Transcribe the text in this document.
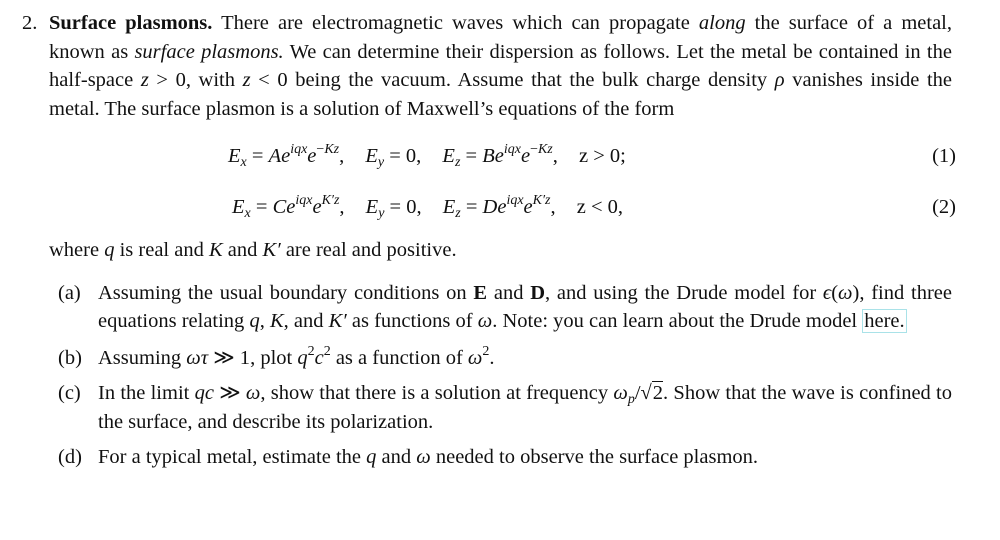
2. Surface plasmons. There are electromagnetic waves which can propagate along the surface of a metal, known as surface plasmons. We can determine their dispersion as follows. Let the metal be contained in the half-space z > 0, with z < 0 being the vacuum. Assume that the bulk charge density ρ vanishes inside the metal. The surface plasmon is a solution of Maxwell’s equations of the form

$E_x = Ae^{iqx}e^{-Kz}$, $E_y = 0$, $E_z = Be^{iqx}e^{-Kz}$, z > 0;	(1)
$E_x = Ce^{iqx}e^{K'z}$, $E_y = 0$, $E_z = De^{iqx}e^{K'z}$, z < 0,	(2)

where q is real and K and K′ are real and positive.

(a) Assuming the usual boundary conditions on E and D, and using the Drude model for ϵ(ω), find three equations relating q, K, and K′ as functions of ω. Note: you can learn about the Drude model here.
(b) Assuming ωτ ≫ 1, plot $q^2c^2$ as a function of $\omega^2$.
(c) In the limit qc ≫ ω, show that there is a solution at frequency $\omega_p/√2$. Show that the wave is confined to the surface, and describe its polarization.
(d) For a typical metal, estimate the q and ω needed to observe the surface plasmon.
